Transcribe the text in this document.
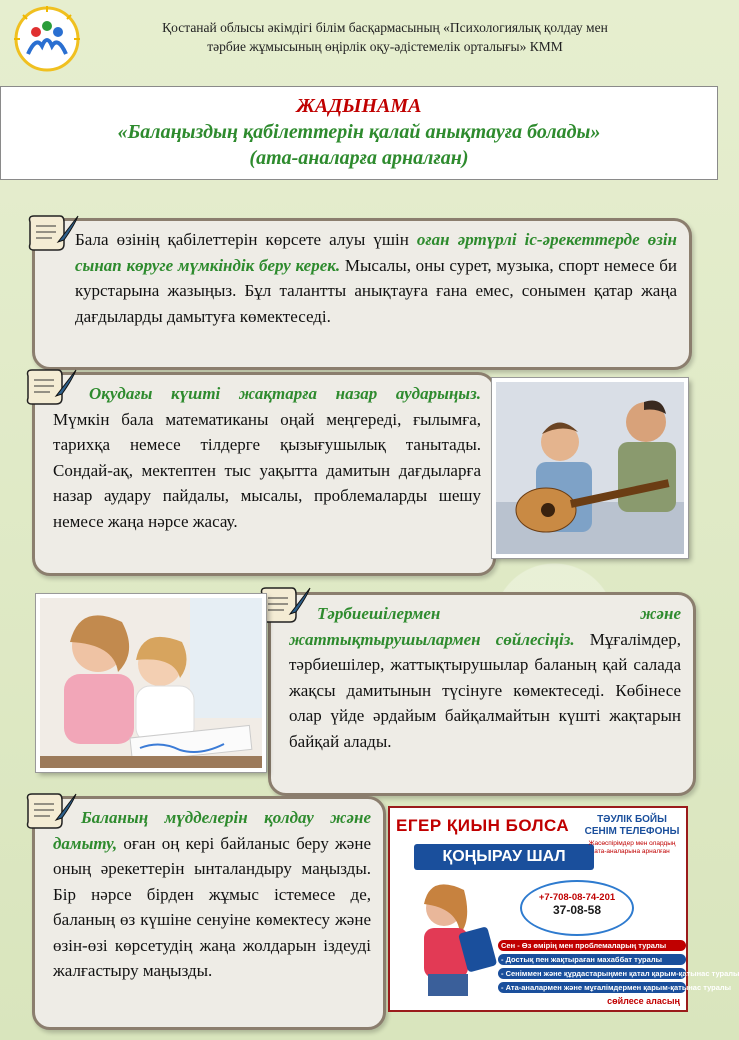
Қостанай облысы әкімдігі білім басқармасының «Психологиялық қолдау мен
тәрбие жұмысының өңірлік оқу-әдістемелік орталығы» КММ
ЖАДЫНАМА
«Балаңыздың қабілеттерін қалай анықтауға болады»
(ата-аналарға арналған)
Бала өзінің қабілеттерін көрсете алуы үшін оған әртүрлі іс-әрекеттерде өзін сынап көруге мүмкіндік беру керек. Мысалы, оны сурет, музыка, спорт немесе би курстарына жазыңыз. Бұл талантты анықтауға ғана емес, сонымен қатар жаңа дағдыларды дамытуға көмектеседі.
Оқудағы күшті жақтарға назар аударыңыз. Мүмкін бала математиканы оңай меңгереді, ғылымға, тарихқа немесе тілдерге қызығушылық танытады. Сондай-ақ, мектептен тыс уақытта дамитын дағдыларға назар аудару пайдалы, мысалы, проблемаларды шешу немесе жаңа нәрсе жасау.
Тәрбиешілермен және жаттықтырушылармен сөйлесіңіз. Мұғалімдер, тәрбиешілер, жаттықтырушылар баланың қай салада жақсы дамитынын түсінуге көмектеседі. Көбінесе олар үйде әрдайым байқалмайтын күшті жақтарын байқай алады.
Баланың мүдделерін қолдау және дамыту, оған оң кері байланыс беру және оның әрекеттерін ынталандыру маңызды. Бір нәрсе бірден жұмыс істемесе де, баланың өз күшіне сенуіне көмектесу және өзін-өзі көрсетудің жаңа жолдарын іздеуді жалғастыру маңызды.
ЕГЕР ҚИЫН БОЛСА
ҚОҢЫРАУ ШАЛ
ТӘУЛІК БОЙЫ СЕНІМ ТЕЛЕФОНЫ
Жасөспірімдер мен олардың ата-аналарына арналған
+7-708-08-74-201
37-08-58
Сен - Өз өмірің мен проблемаларың туралы
- Достық пен жақтыраған махаббат туралы
- Сеніммен және құрдастарыңмен қатал қарым-қатынас туралы
- Ата-аналармен және мұғалімдермен қарым-қатынас туралы
сөйлесе аласың
